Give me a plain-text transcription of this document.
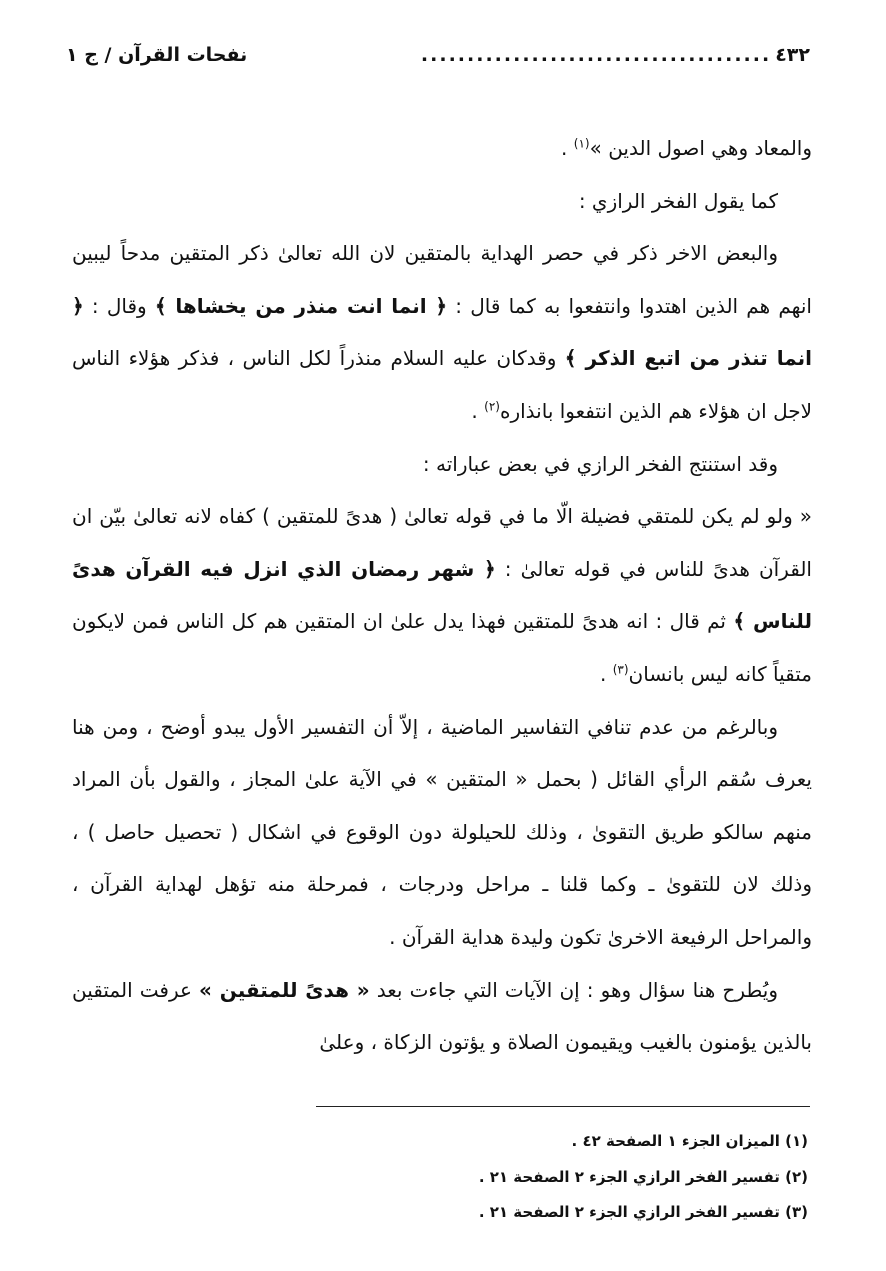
٤٣٢
......................................
نفحات القرآن / ج ١

والمعاد وهي اصول الدين »$^{(١)}$ .

كما يقول الفخر الرازي :

والبعض الاخر ذكر في حصر الهداية بالمتقين لان الله تعالىٰ ذكر المتقين مدحاً ليبين انهم هم الذين اهتدوا وانتفعوا به كما قال : ﴿ انما انت منذر من يخشاها ﴾ وقال : ﴿ انما تنذر من اتبع الذكر ﴾ وقدكان عليه السلام منذراً لكل الناس ، فذكر هؤلاء الناس لاجل ان هؤلاء هم الذين انتفعوا بانذاره$^{(٢)}$ .

وقد استنتج الفخر الرازي في بعض عباراته :

« ولو لم يكن للمتقي فضيلة الّا ما في قوله تعالىٰ ( هدىً للمتقين ) كفاه لانه تعالىٰ بيّن ان القرآن هدىً للناس في قوله تعالىٰ : ﴿ شهر رمضان الذي انزل فيه القرآن هدىً للناس ﴾ ثم قال : انه هدىً للمتقين فهذا يدل علىٰ ان المتقين هم كل الناس فمن لايكون متقياً كانه ليس بانسان$^{(٣)}$ .

وبالرغم من عدم تنافي التفاسير الماضية ، إلاّ أن التفسير الأول يبدو أوضح ، ومن هنا يعرف سُقم الرأي القائل ( بحمل « المتقين » في الآية علىٰ المجاز ، والقول بأن المراد منهم سالكو طريق التقوىٰ ، وذلك للحيلولة دون الوقوع في اشكال ( تحصيل حاصل ) ، وذلك لان للتقوىٰ ـ وكما قلنا ـ مراحل ودرجات ، فمرحلة منه تؤهل لهداية القرآن ، والمراحل الرفيعة الاخرىٰ تكون وليدة هداية القرآن .

ويُطرح هنا سؤال وهو : إن الآيات التي جاءت بعد « هدىً للمتقين » عرفت المتقين بالذين يؤمنون بالغيب ويقيمون الصلاة و يؤتون الزكاة ، وعلىٰ

(١) الميزان الجزء ١ الصفحة ٤٢ .
(٢) تفسير الفخر الرازي الجزء ٢ الصفحة ٢١ .
(٣) تفسير الفخر الرازي الجزء ٢ الصفحة ٢١ .
